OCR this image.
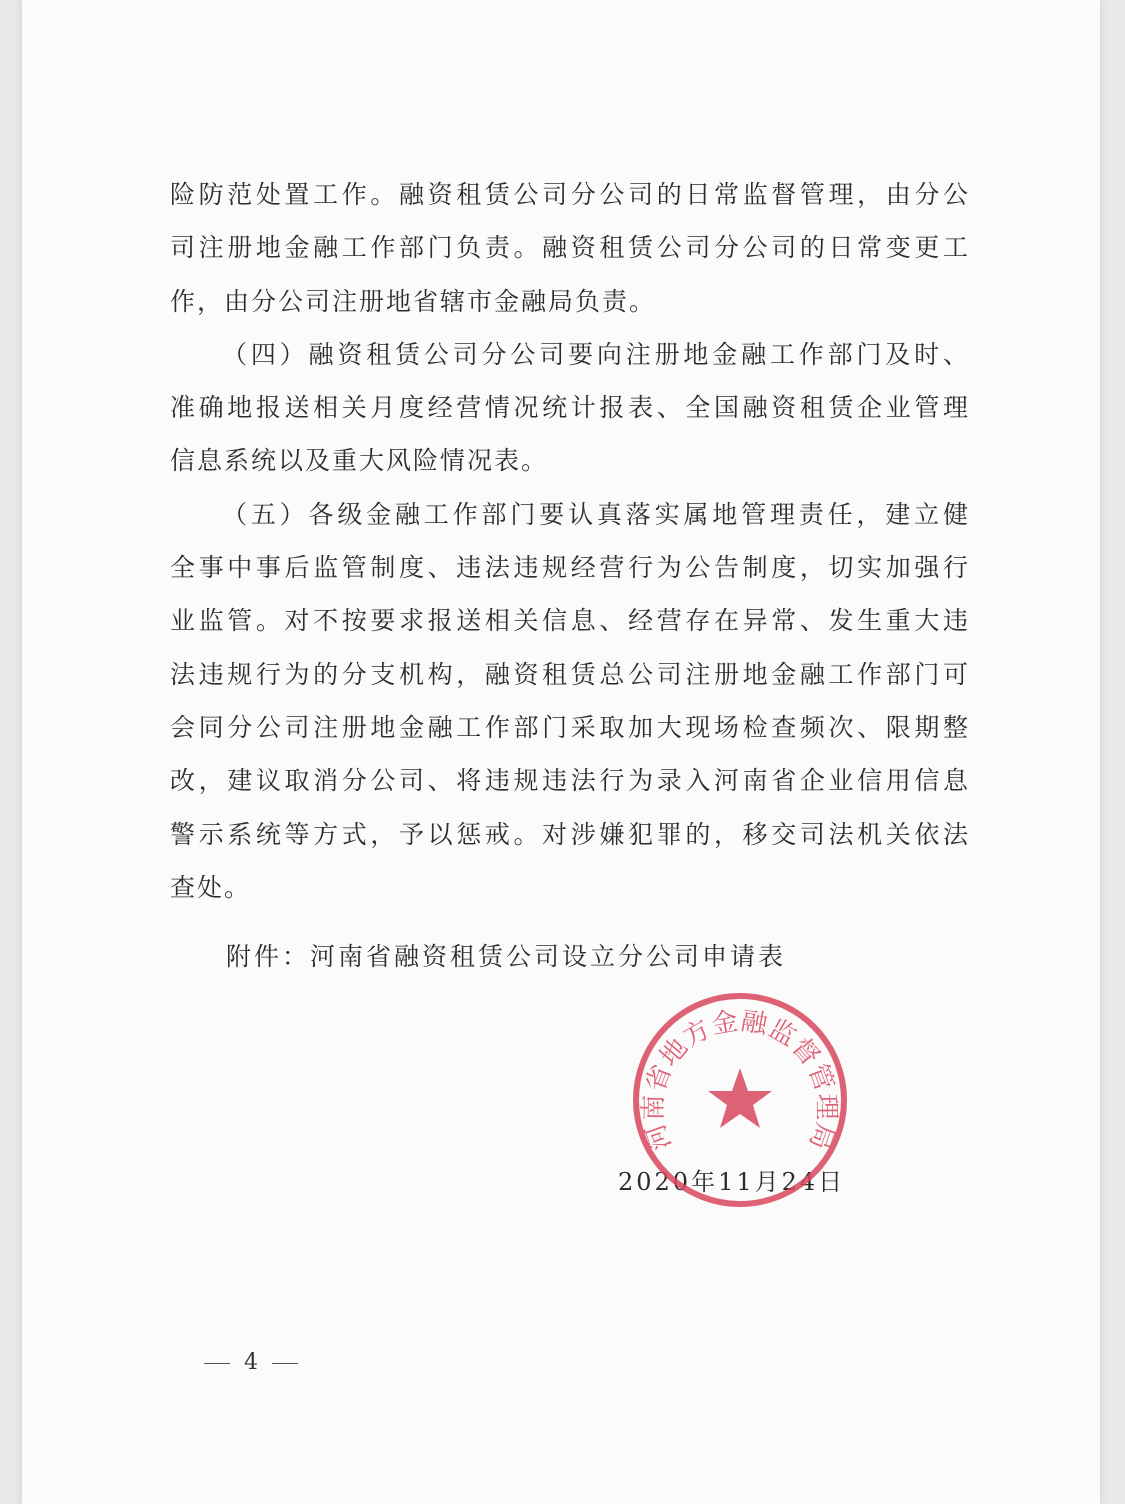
险防范处置工作。融资租赁公司分公司的日常监督管理，由分公
司注册地金融工作部门负责。融资租赁公司分公司的日常变更工
作，由分公司注册地省辖市金融局负责。
（四）融资租赁公司分公司要向注册地金融工作部门及时、
准确地报送相关月度经营情况统计报表、全国融资租赁企业管理
信息系统以及重大风险情况表。
（五）各级金融工作部门要认真落实属地管理责任，建立健
全事中事后监管制度、违法违规经营行为公告制度，切实加强行
业监管。对不按要求报送相关信息、经营存在异常、发生重大违
法违规行为的分支机构，融资租赁总公司注册地金融工作部门可
会同分公司注册地金融工作部门采取加大现场检查频次、限期整
改，建议取消分公司、将违规违法行为录入河南省企业信用信息
警示系统等方式，予以惩戒。对涉嫌犯罪的，移交司法机关依法
查处。
附件：河南省融资租赁公司设立分公司申请表
2020年11月24日
河南省地方金融监督管理局
4
